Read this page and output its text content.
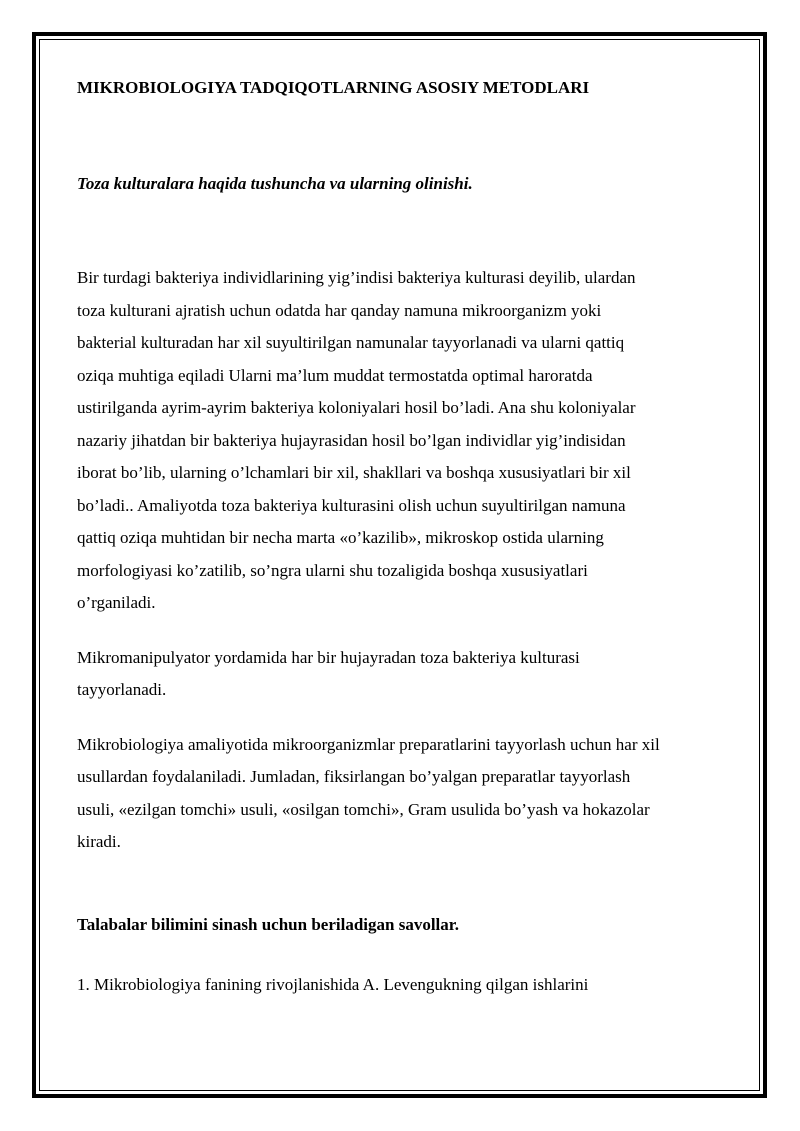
MIKROBIOLOGIYA TADQIQOTLARNING ASOSIY METODLARI
Toza kulturalara haqida tushuncha va ularning olinishi.

Bir turdagi bakteriya individlarining yig’indisi bakteriya kulturasi deyilib, ulardan
toza kulturani ajratish uchun odatda har qanday namuna mikroorganizm yoki
bakterial kulturadan har xil suyultirilgan namunalar tayyorlanadi va ularni qattiq
oziqa muhtiga eqiladi Ularni ma’lum muddat termostatda optimal haroratda
ustirilganda ayrim-ayrim bakteriya koloniyalari hosil bo’ladi. Ana shu koloniyalar
nazariy jihatdan bir bakteriya hujayrasidan hosil bo’lgan individlar yig’indisidan
iborat bo’lib, ularning o’lchamlari bir xil, shakllari va boshqa xususiyatlari bir xil
bo’ladi.. Amaliyotda toza bakteriya kulturasini olish uchun suyultirilgan namuna
qattiq oziqa muhtidan bir necha marta «o’kazilib», mikroskop ostida ularning
morfologiyasi ko’zatilib, so’ngra ularni shu tozaligida boshqa xususiyatlari
o’rganiladi.

Mikromanipulyator yordamida har bir hujayradan toza bakteriya kulturasi
tayyorlanadi.

Mikrobiologiya amaliyotida mikroorganizmlar preparatlarini tayyorlash uchun har xil
usullardan foydalaniladi. Jumladan, fiksirlangan bo’yalgan preparatlar tayyorlash
usuli, «ezilgan tomchi» usuli, «osilgan tomchi», Gram usulida bo’yash va hokazolar
kiradi.

Talabalar bilimini sinash uchun beriladigan savollar.

1. Mikrobiologiya fanining rivojlanishida A. Levengukning qilgan ishlarini
